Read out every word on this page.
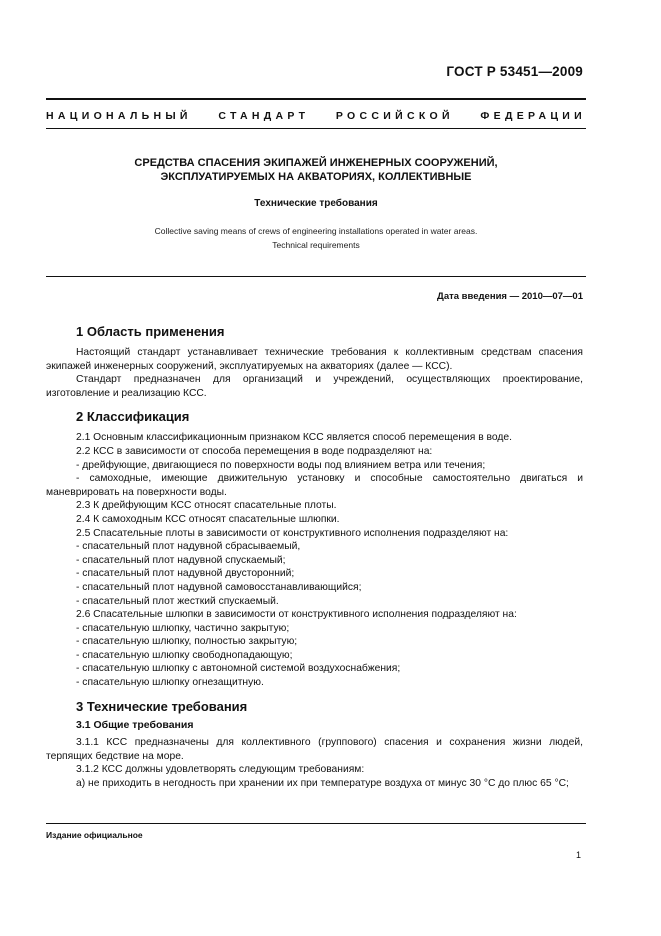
ГОСТ Р 53451—2009
НАЦИОНАЛЬНЫЙ СТАНДАРТ РОССИЙСКОЙ ФЕДЕРАЦИИ
СРЕДСТВА СПАСЕНИЯ ЭКИПАЖЕЙ ИНЖЕНЕРНЫХ СООРУЖЕНИЙ,
ЭКСПЛУАТИРУЕМЫХ НА АКВАТОРИЯХ, КОЛЛЕКТИВНЫЕ
Технические требования
Collective saving means of crews of engineering installations operated in water areas.
Technical requirements
Дата введения — 2010—07—01
1 Область применения

Настоящий стандарт устанавливает технические требования к коллективным средствам спасения экипажей инженерных сооружений, эксплуатируемых на акваториях (далее — КСС).

Стандарт предназначен для организаций и учреждений, осуществляющих проектирование, изготовление и реализацию КСС.

2 Классификация

2.1 Основным классификационным признаком КСС является способ перемещения в воде.

2.2 КСС в зависимости от способа перемещения в воде подразделяют на:

- дрейфующие, двигающиеся по поверхности воды под влиянием ветра или течения;

- самоходные, имеющие движительную установку и способные самостоятельно двигаться и маневрировать на поверхности воды.

2.3 К дрейфующим КСС относят спасательные плоты.

2.4 К самоходным КСС относят спасательные шлюпки.

2.5 Спасательные плоты в зависимости от конструктивного исполнения подразделяют на:

- спасательный плот надувной сбрасываемый,

- спасательный плот надувной спускаемый;

- спасательный плот надувной двусторонний;

- спасательный плот надувной самовосстанавливающийся;

- спасательный плот жесткий спускаемый.

2.6 Спасательные шлюпки в зависимости от конструктивного исполнения подразделяют на:

- спасательную шлюпку, частично закрытую;

- спасательную шлюпку, полностью закрытую;

- спасательную шлюпку свободнопадающую;

- спасательную шлюпку с автономной системой воздухоснабжения;

- спасательную шлюпку огнезащитную.

3 Технические требования
3.1 Общие требования

3.1.1 КСС предназначены для коллективного (группового) спасения и сохранения жизни людей, терпящих бедствие на море.

3.1.2 КСС должны удовлетворять следующим требованиям:

а) не приходить в негодность при хранении их при температуре воздуха от минус 30 °С до плюс 65 °С;

Издание официальное
1
